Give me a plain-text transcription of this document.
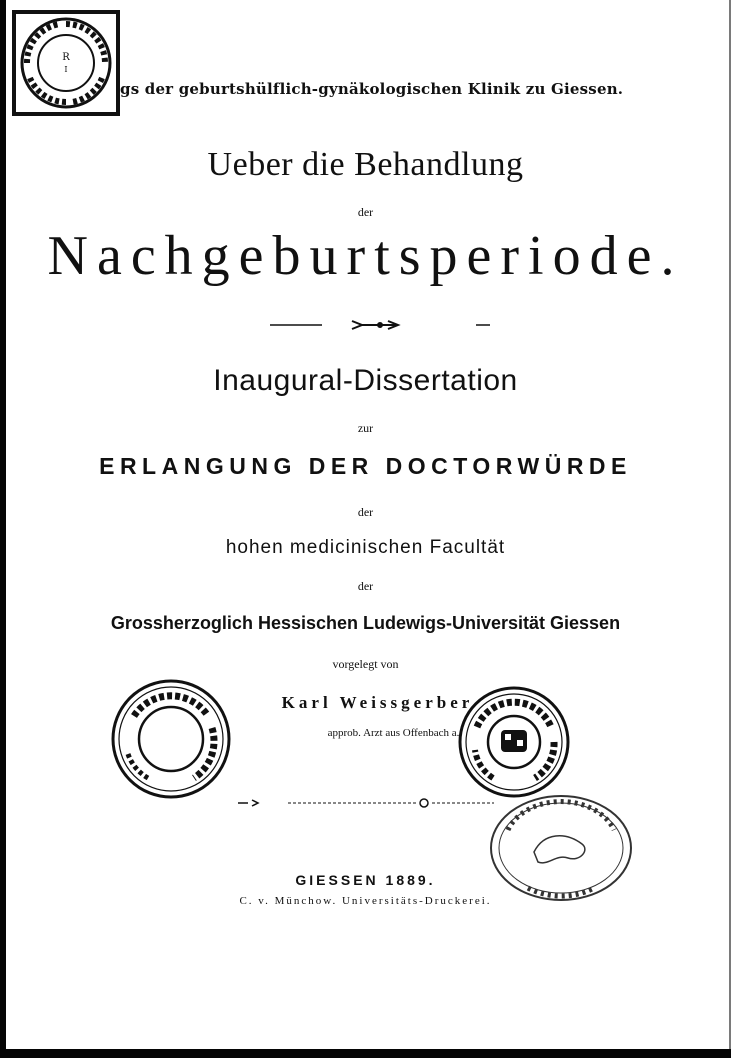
R
I
gs der geburtshülflich-gynäkologischen Klinik zu Giessen.
Ueber die Behandlung
der
Nachgeburtsperiode.
Inaugural-Dissertation
zur
ERLANGUNG DER DOCTORWÜRDE
der
hohen medicinischen Facultät
der
Grossherzoglich Hessischen Ludewigs-Universität Giessen
vorgelegt von
Karl Weissgerber
approb. Arzt aus Offenbach a.
GIESSEN 1889.
C. v. Münchow. Universitäts-Druckerei.
